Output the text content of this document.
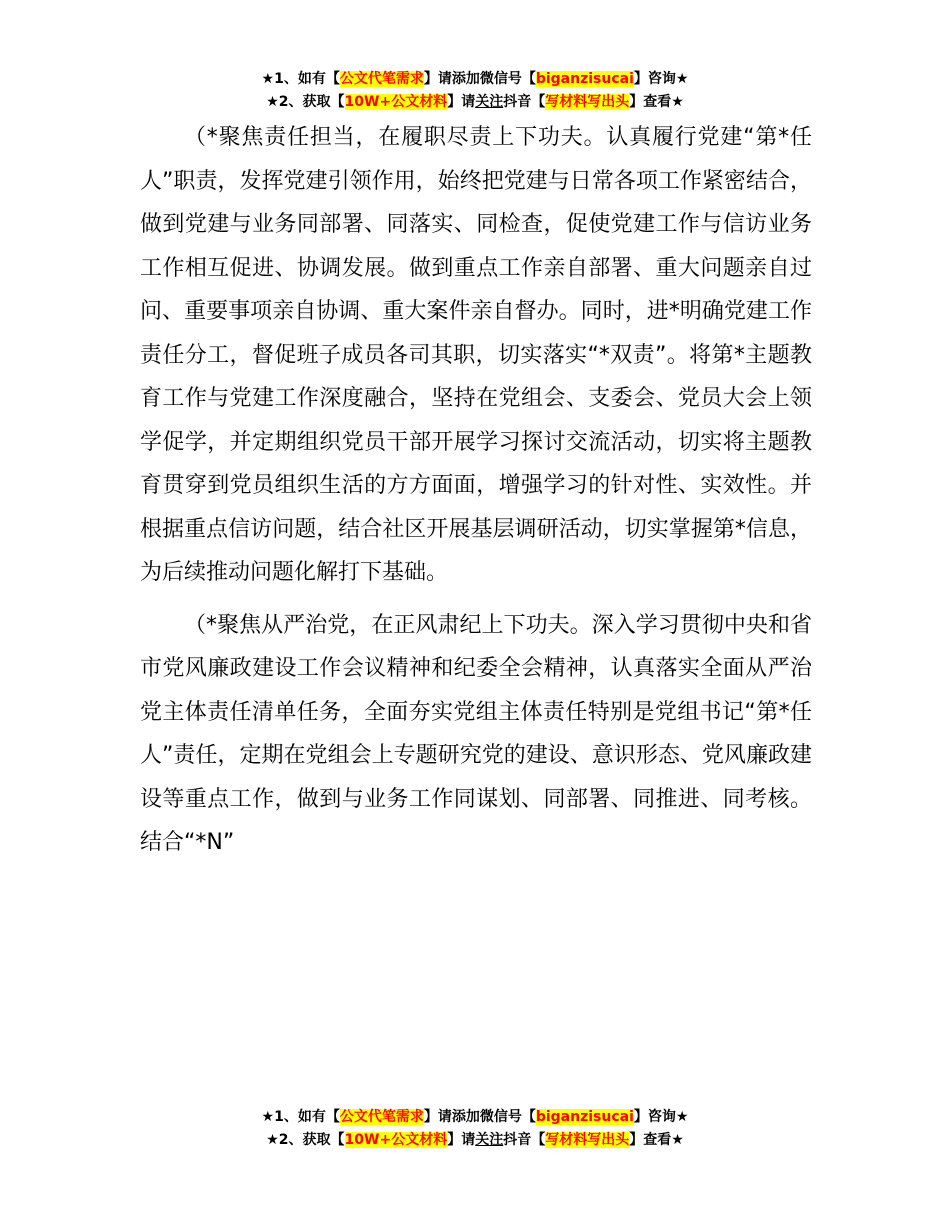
★1、如有【公文代笔需求】请添加微信号【biganzisucai】咨询★
★2、获取【10W+公文材料】请关注抖音【写材料写出头】查看★

（*聚焦责任担当，在履职尽责上下功夫。认真履行党建“第*任人”职责，发挥党建引领作用，始终把党建与日常各项工作紧密结合，做到党建与业务同部署、同落实、同检查，促使党建工作与信访业务工作相互促进、协调发展。做到重点工作亲自部署、重大问题亲自过问、重要事项亲自协调、重大案件亲自督办。同时，进*明确党建工作责任分工，督促班子成员各司其职，切实落实“*双责”。将第*主题教育工作与党建工作深度融合，坚持在党组会、支委会、党员大会上领学促学，并定期组织党员干部开展学习探讨交流活动，切实将主题教育贯穿到党员组织生活的方方面面，增强学习的针对性、实效性。并根据重点信访问题，结合社区开展基层调研活动，切实掌握第*信息，为后续推动问题化解打下基础。

（*聚焦从严治党，在正风肃纪上下功夫。深入学习贯彻中央和省市党风廉政建设工作会议精神和纪委全会精神，认真落实全面从严治党主体责任清单任务，全面夯实党组主体责任特别是党组书记“第*任人”责任，定期在党组会上专题研究党的建设、意识形态、党风廉政建设等重点工作，做到与业务工作同谋划、同部署、同推进、同考核。结合“*N”

★1、如有【公文代笔需求】请添加微信号【biganzisucai】咨询★
★2、获取【10W+公文材料】请关注抖音【写材料写出头】查看★
